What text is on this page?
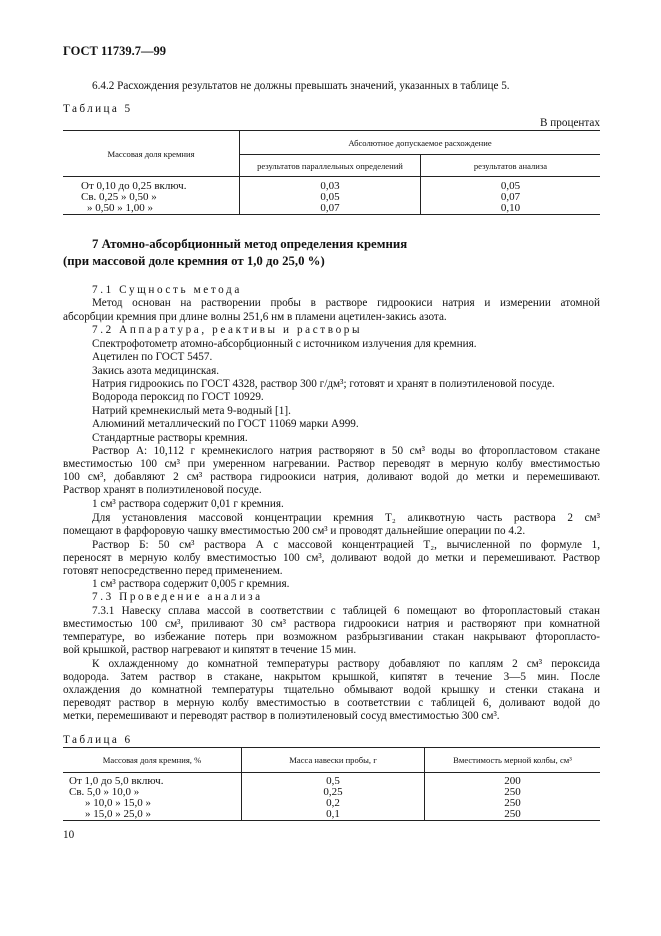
ГОСТ 11739.7—99
6.4.2 Расхождения результатов не должны превышать значений, указанных в таблице 5.
Таблица 5
В процентах
Массовая доля кремния	Абсолютное допускаемое расхождение	
	результатов параллельных определений	результатов анализа

От 0,10 до 0,25 включ.	0,03	0,05
Св. 0,25 » 0,50 »	0,05	0,07
» 0,50 » 1,00 »	0,07	0,10
7 Атомно-абсорбционный метод определения кремния
(при массовой доле кремния от 1,0 до 25,0 %)
7.1 Сущность метода
Метод основан на растворении пробы в растворе гидроокиси натрия и измерении атомной
абсорбции кремния при длине волны 251,6 нм в пламени ацетилен-закись азота.
7.2 Аппаратура, реактивы и растворы
Спектрофотометр атомно-абсорбционный с источником излучения для кремния.
Ацетилен по ГОСТ 5457.
Закись азота медицинская.
Натрия гидроокись по ГОСТ 4328, раствор 300 г/дм³; готовят и хранят в полиэтиленовой посуде.
Водорода пероксид по ГОСТ 10929.
Натрий кремнекислый мета 9-водный [1].
Алюминий металлический по ГОСТ 11069 марки А999.
Стандартные растворы кремния.
Раствор А: 10,112 г кремнекислого натрия растворяют в 50 см³ воды во фторопластовом стакане
вместимостью 100 см³ при умеренном нагревании. Раствор переводят в мерную колбу вместимостью
100 см³, добавляют 2 см³ раствора гидроокиси натрия, доливают водой до метки и перемешивают.
Раствор хранят в полиэтиленовой посуде.
1 см³ раствора содержит 0,01 г кремния.
Для установления массовой концентрации кремния T₂ аликвотную часть раствора 2 см³
помещают в фарфоровую чашку вместимостью 200 см³ и проводят дальнейшие операции по 4.2.
Раствор Б: 50 см³ раствора А с массовой концентрацией T₂, вычисленной по формуле 1,
переносят в мерную колбу вместимостью 100 см³, доливают водой до метки и перемешивают. Раствор
готовят непосредственно перед применением.
1 см³ раствора содержит 0,005 г кремния.
7.3 Проведение анализа
7.3.1 Навеску сплава массой в соответствии с таблицей 6 помещают во фторопластовый стакан
вместимостью 100 см³, приливают 30 см³ раствора гидроокиси натрия и растворяют при комнатной
температуре, во избежание потерь при возможном разбрызгивании стакан накрывают фторопласто-
вой крышкой, раствор нагревают и кипятят в течение 15 мин.
К охлажденному до комнатной температуры раствору добавляют по каплям 2 см³ пероксида
водорода. Затем раствор в стакане, накрытом крышкой, кипятят в течение 3—5 мин. После
охлаждения до комнатной температуры тщательно обмывают водой крышку и стенки стакана и
переводят раствор в мерную колбу вместимостью в соответствии с таблицей 6, доливают водой до
метки, перемешивают и переводят раствор в полиэтиленовый сосуд вместимостью 300 см³.
Таблица 6
Массовая доля кремния, %	Масса навески пробы, г	Вместимость мерной колбы, см³

От 1,0 до 5,0 включ.	0,5	200
Св. 5,0 » 10,0 »	0,25	250
» 10,0 » 15,0 »	0,2	250
» 15,0 » 25,0 »	0,1	250
10
